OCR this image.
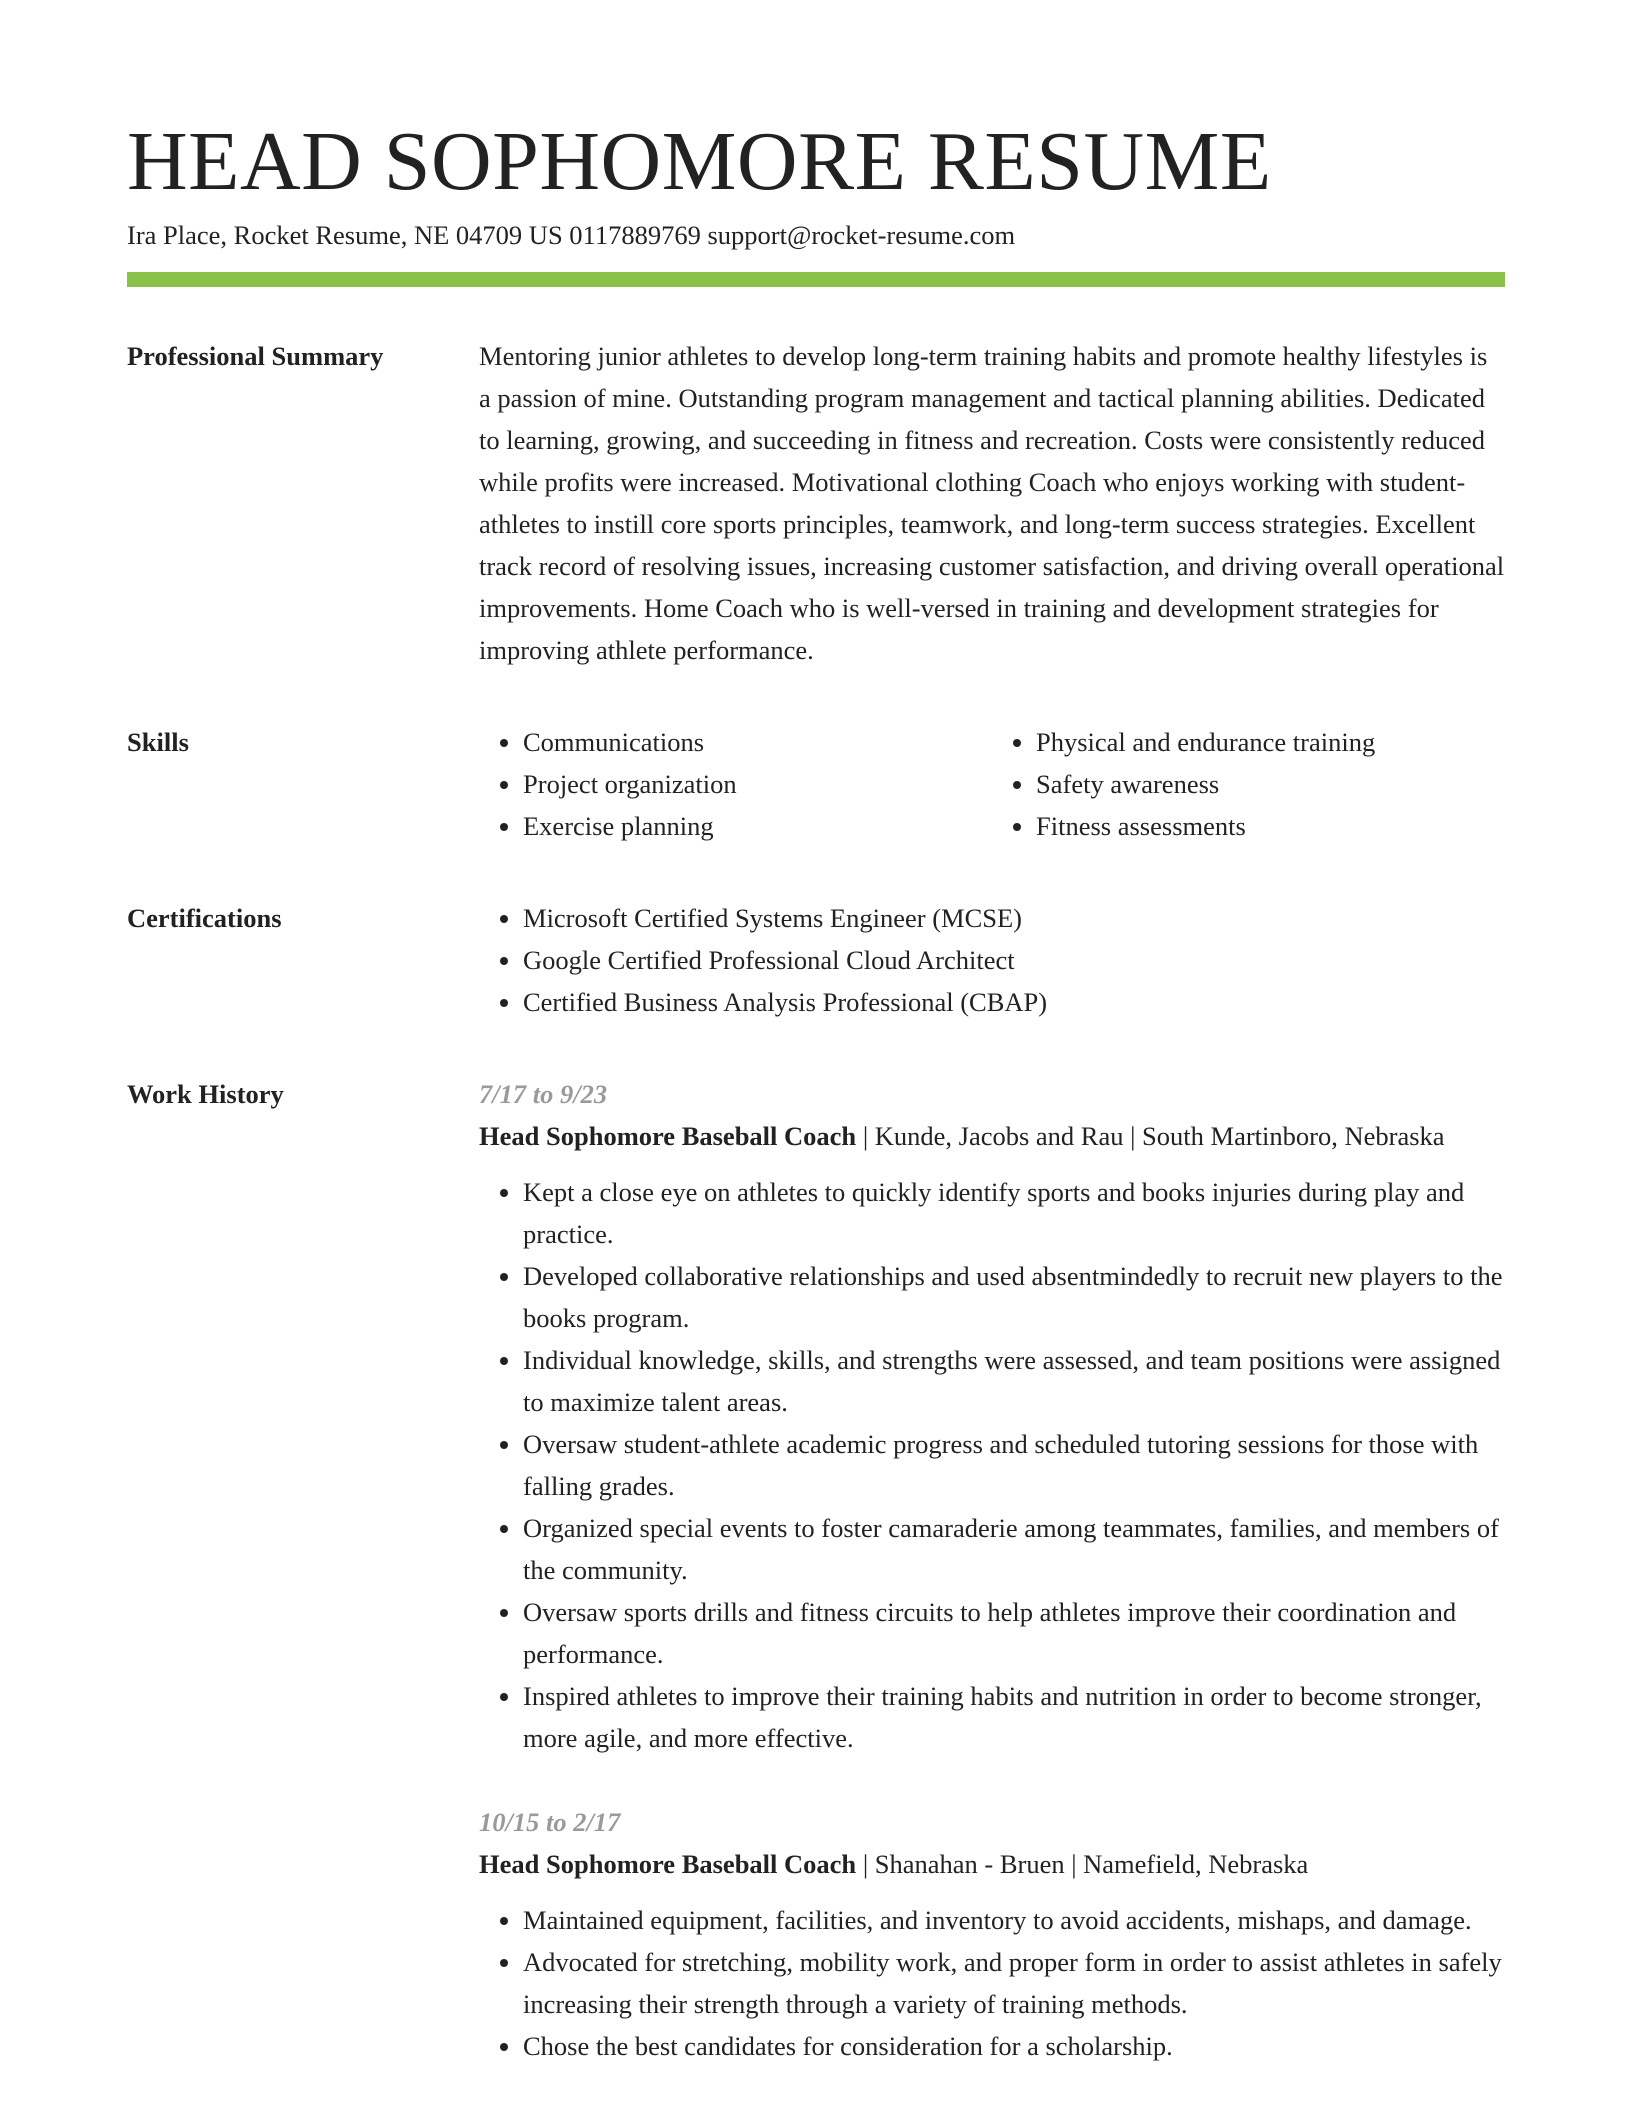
HEAD SOPHOMORE RESUME
Ira Place, Rocket Resume, NE 04709 US 0117889769 support@rocket-resume.com
Professional Summary	Mentoring junior athletes to develop long-term training habits and promote healthy lifestyles is a passion of mine. Outstanding program management and tactical planning abilities. Dedicated to learning, growing, and succeeding in fitness and recreation. Costs were consistently reduced while profits were increased. Motivational clothing Coach who enjoys working with student-athletes to instill core sports principles, teamwork, and long-term success strategies. Excellent track record of resolving issues, increasing customer satisfaction, and driving overall operational improvements. Home Coach who is well-versed in training and development strategies for improving athlete performance.

Skills	• Communications
• Project organization
• Exercise planning
• Physical and endurance training
• Safety awareness
• Fitness assessments
Certifications	• Microsoft Certified Systems Engineer (MCSE)
• Google Certified Professional Cloud Architect
• Certified Business Analysis Professional (CBAP)
Work History	7/17 to 9/23
Head Sophomore Baseball Coach | Kunde, Jacobs and Rau | South Martinboro, Nebraska
• Kept a close eye on athletes to quickly identify sports and books injuries during play and practice.
• Developed collaborative relationships and used absentmindedly to recruit new players to the books program.
• Individual knowledge, skills, and strengths were assessed, and team positions were assigned to maximize talent areas.
• Oversaw student-athlete academic progress and scheduled tutoring sessions for those with falling grades.
• Organized special events to foster camaraderie among teammates, families, and members of the community.
• Oversaw sports drills and fitness circuits to help athletes improve their coordination and performance.
• Inspired athletes to improve their training habits and nutrition in order to become stronger, more agile, and more effective.
10/15 to 2/17
Head Sophomore Baseball Coach | Shanahan - Bruen | Namefield, Nebraska
• Maintained equipment, facilities, and inventory to avoid accidents, mishaps, and damage.
• Advocated for stretching, mobility work, and proper form in order to assist athletes in safely increasing their strength through a variety of training methods.
• Chose the best candidates for consideration for a scholarship.
